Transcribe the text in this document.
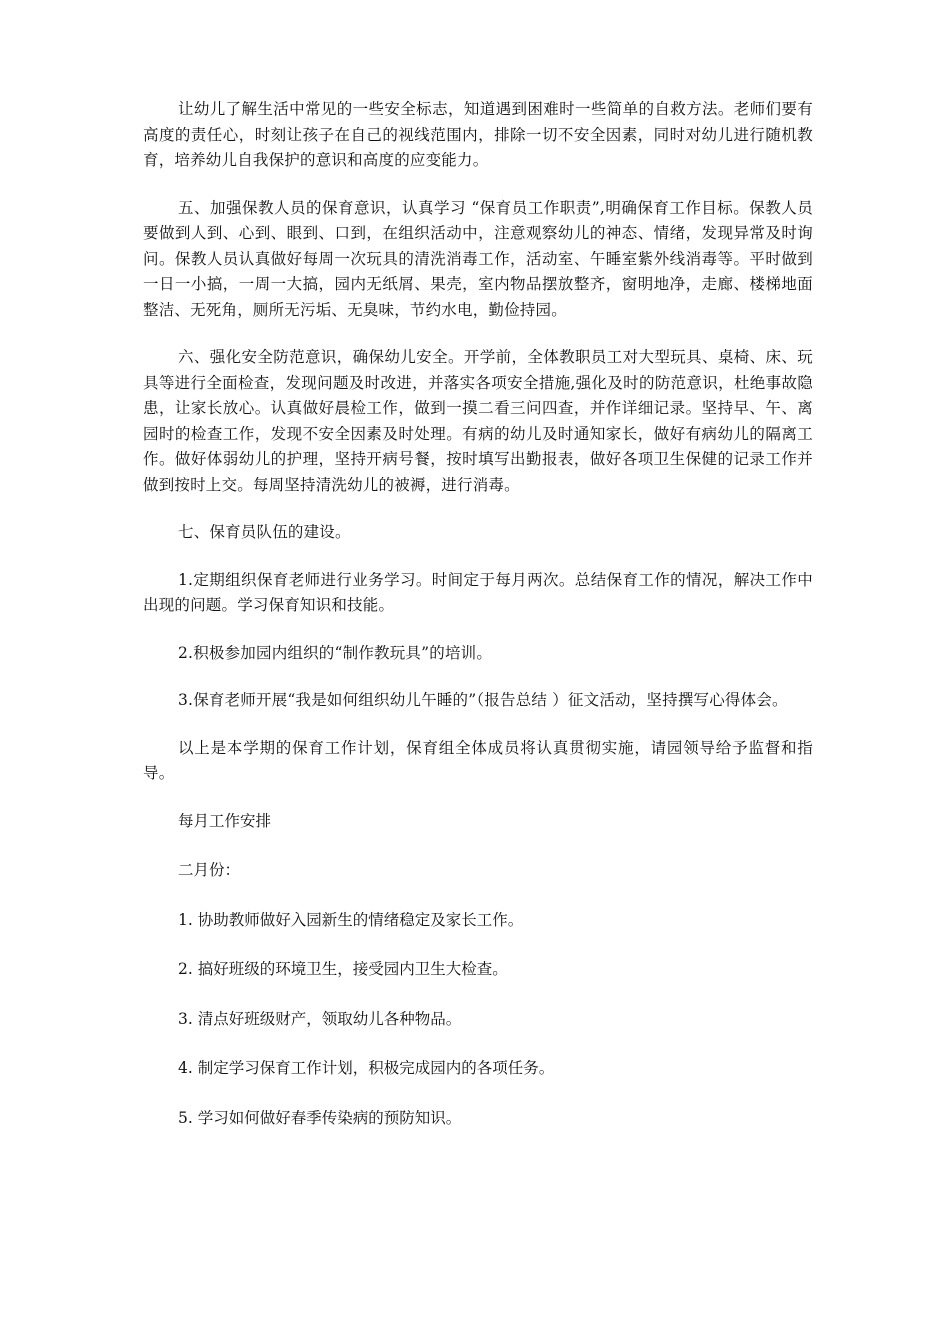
让幼儿了解生活中常见的一些安全标志，知道遇到困难时一些简单的自救方法。老师们要有高度的责任心，时刻让孩子在自己的视线范围内，排除一切不安全因素，同时对幼儿进行随机教育，培养幼儿自我保护的意识和高度的应变能力。

五、加强保教人员的保育意识，认真学习 “保育员工作职责”,明确保育工作目标。保教人员要做到人到、心到、眼到、口到，在组织活动中，注意观察幼儿的神态、情绪，发现异常及时询问。保教人员认真做好每周一次玩具的清洗消毒工作，活动室、午睡室紫外线消毒等。平时做到一日一小搞，一周一大搞，园内无纸屑、果壳，室内物品摆放整齐，窗明地净，走廊、楼梯地面整洁、无死角，厕所无污垢、无臭味，节约水电，勤俭持园。

六、强化安全防范意识，确保幼儿安全。开学前，全体教职员工对大型玩具、桌椅、床、玩具等进行全面检查，发现问题及时改进，并落实各项安全措施,强化及时的防范意识，杜绝事故隐患，让家长放心。认真做好晨检工作，做到一摸二看三问四查，并作详细记录。坚持早、午、离园时的检查工作，发现不安全因素及时处理。有病的幼儿及时通知家长，做好有病幼儿的隔离工作。做好体弱幼儿的护理，坚持开病号餐，按时填写出勤报表，做好各项卫生保健的记录工作并做到按时上交。每周坚持清洗幼儿的被褥，进行消毒。

七、保育员队伍的建设。

1.定期组织保育老师进行业务学习。时间定于每月两次。总结保育工作的情况，解决工作中出现的问题。学习保育知识和技能。

2.积极参加园内组织的“制作教玩具”的培训。

3.保育老师开展“我是如何组织幼儿午睡的”（报告总结 ）征文活动，坚持撰写心得体会。

以上是本学期的保育工作计划，保育组全体成员将认真贯彻实施，请园领导给予监督和指导。

每月工作安排

二月份：

1. 协助教师做好入园新生的情绪稳定及家长工作。

2. 搞好班级的环境卫生，接受园内卫生大检查。

3. 清点好班级财产，领取幼儿各种物品。

4. 制定学习保育工作计划，积极完成园内的各项任务。

5. 学习如何做好春季传染病的预防知识。
